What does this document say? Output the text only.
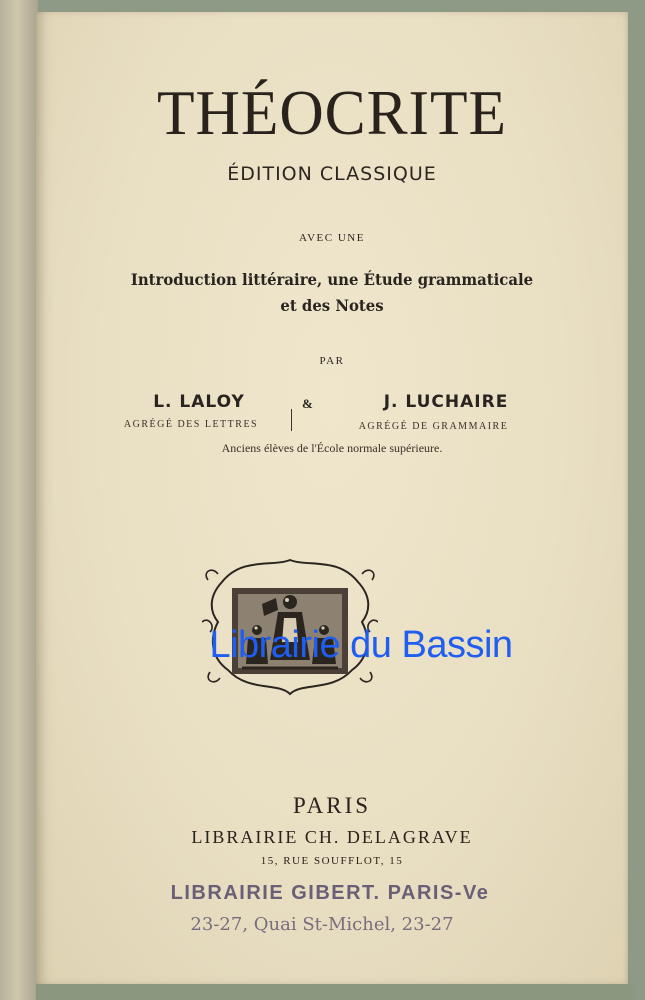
THÉOCRITE
ÉDITION CLASSIQUE
AVEC UNE
Introduction littéraire, une Étude grammaticale
et des Notes
PAR
L. LALOY	&	J. LUCHAIRE
AGRÉGÉ DES LETTRES	AGRÉGÉ DE GRAMMAIRE
Anciens élèves de l'École normale supérieure.
Librairie du Bassin
PARIS
LIBRAIRIE CH. DELAGRAVE
15, RUE SOUFFLOT, 15
LIBRAIRIE GIBERT. PARIS-Ve
23-27, Quai St-Michel, 23-27
